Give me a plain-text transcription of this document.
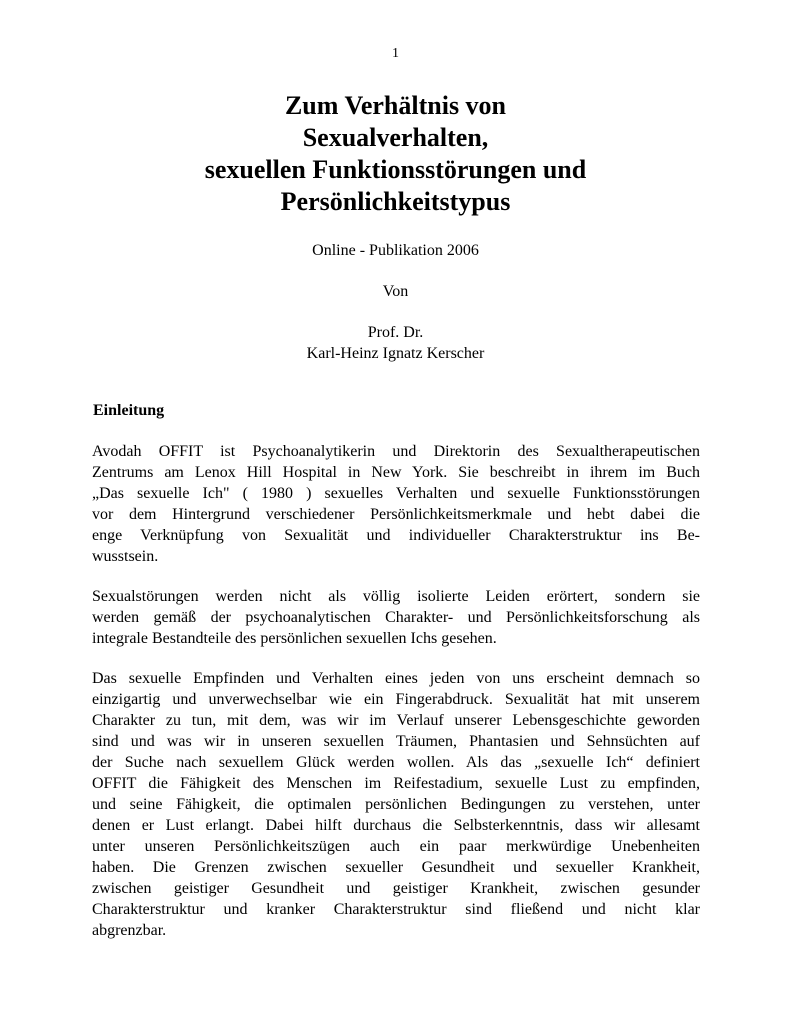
1
Zum Verhältnis von
Sexualverhalten,
sexuellen Funktionsstörungen und
Persönlichkeitstypus
Online - Publikation 2006
Von
Prof. Dr.
Karl-Heinz Ignatz Kerscher
Einleitung
Avodah OFFIT ist Psychoanalytikerin und Direktorin des Sexualtherapeutischen
Zentrums am Lenox Hill Hospital in New York. Sie beschreibt in ihrem im Buch
„Das sexuelle Ich" ( 1980 ) sexuelles Verhalten und sexuelle Funktionsstörungen
vor dem Hintergrund verschiedener Persönlichkeitsmerkmale und hebt dabei die
enge Verknüpfung von Sexualität und individueller Charakterstruktur ins Be-
wusstsein.
Sexualstörungen werden nicht als völlig isolierte Leiden erörtert, sondern sie
werden gemäß der psychoanalytischen Charakter- und Persönlichkeitsforschung als
integrale Bestandteile des persönlichen sexuellen Ichs gesehen.
Das sexuelle Empfinden und Verhalten eines jeden von uns erscheint demnach so
einzigartig und unverwechselbar wie ein Fingerabdruck. Sexualität hat mit unserem
Charakter zu tun, mit dem, was wir im Verlauf unserer Lebensgeschichte geworden
sind und was wir in unseren sexuellen Träumen, Phantasien und Sehnsüchten auf
der Suche nach sexuellem Glück werden wollen. Als das „sexuelle Ich“ definiert
OFFIT die Fähigkeit des Menschen im Reifestadium, sexuelle Lust zu empfinden,
und seine Fähigkeit, die optimalen persönlichen Bedingungen zu verstehen, unter
denen er Lust erlangt. Dabei hilft durchaus die Selbsterkenntnis, dass wir allesamt
unter unseren Persönlichkeitszügen auch ein paar merkwürdige Unebenheiten
haben. Die Grenzen zwischen sexueller Gesundheit und sexueller Krankheit,
zwischen geistiger Gesundheit und geistiger Krankheit, zwischen gesunder
Charakterstruktur und kranker Charakterstruktur sind fließend und nicht klar
abgrenzbar.
